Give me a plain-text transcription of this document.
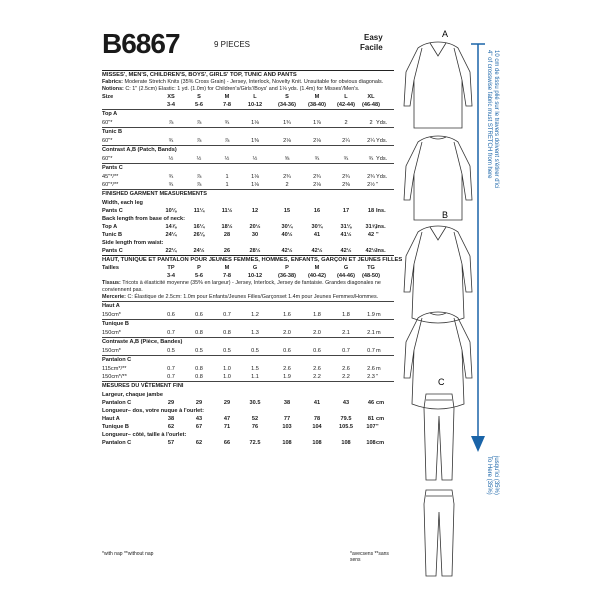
B6867	9 PIECES
Easy
Facile
MISSES', MEN'S, CHILDREN'S, BOYS', GIRLS' TOP, TUNIC AND PANTS
Fabrics: Moderate Stretch Knits (35% Cross Grain) - Jersey, Interlock, Novelty Knit. Unsuitable for obvious diagonals.
Notions: C: 1" (2.5cm) Elastic: 1 yd. (1.0m) for Children's/Girls'/Boys' and 1⅛ yds. (1.4m) for Misses'/Men's.
Size	XS	S	M	L	S	M	L	XL
3-4	5-6	7-8	10-12	(34-36)	(38-40)	(42-44)	(46-48)
Top A
60"*	⅞	⅞	¾	1⅛	1¾	1⅞	2	2 Yds.
Tunic B
60"*	¾	⅞	⅞	1⅜	2⅛	2⅛	2¼	2¼ Yds.
Contrast A,B (Patch, Bands)
60"*	½	½	½	½	⅝	¾	¾	¾ Yds.
Pants C
45"*/**	¾	⅞	1	1⅛	2¾	2¾	2¾	2¾ Yds.
60"*/**	¾	⅞	1	1⅛	2	2⅛	2⅜	2½ "
FINISHED GARMENT MEASUREMENTS
Width, each leg
Pants C	10⅛	11¼	11½	12	15	16	17	18 Ins.
Back length from base of neck:
Top A	14⅞	16¼	18½	20½	30¼	30¾	31⅛	31⅝ Ins.
Tunic B	24¼	26⅛	28	30	40½	41	41½	42 "
Side length from waist:
Pants C	22¼	24½	26	28½	42½	42½	42½	42½ Ins.
HAUT, TUNIQUE ET PANTALON POUR JEUNES FEMMES, HOMMES, ENFANTS, GARÇON ET JEUNES FILLES
Tailles	TP	P	M	G	P	M	G	TG
3-4	5-6	7-8	10-12	(36-38)	(40-42)	(44-46)	(48-50)
Tissus: Tricots à élasticité moyenne (35% en largeur) - Jersey, Interlock, Jersey de fantaisie. Grandes diagonales ne conviennent pas.
Mercerie: C: Élastique de 2.5cm: 1.0m pour Enfants/Jeunes Filles/Garçonset 1.4m pour Jeunes Femmes/Hommes.
Haut A
150cm*	0.6	0.6	0.7	1.2	1.6	1.8	1.8	1.9 m
Tunique B
150cm*	0.7	0.8	0.8	1.3	2.0	2.0	2.1	2.1 m
Contraste A,B (Pièce, Bandes)
150cm*	0.5	0.5	0.5	0.5	0.6	0.6	0.7	0.7 m
Pantalon C
115cm*/**	0.7	0.8	1.0	1.5	2.6	2.6	2.6	2.6 m
150cm*/**	0.7	0.8	1.0	1.1	1.9	2.2	2.2	2.3 "
MESURES DU VÊTEMENT FINI
Largeur, chaque jambe
Pantalon C	29	29	29	30.5	38	41	43	46 cm
Longueur– dos, votre nuque à l'ourlet:
Haut A	38	43	47	52	77	78	79.5	81 cm
Tunique B	62	67	71	76	103	104	105.5	107 "
Longueur– côté, taille à l'ourlet:
Pantalon C	57	62	66	72.5	108	108	108	108 cm
*with nap **without nap	*avecsens **sans sens
A
B
C
4" of crosswise fabric must STRETCH from here 10 cm de tissu plié sur le travers doivent s'étirer d'ici
To Here (35%) jusqu'ici (35%)
